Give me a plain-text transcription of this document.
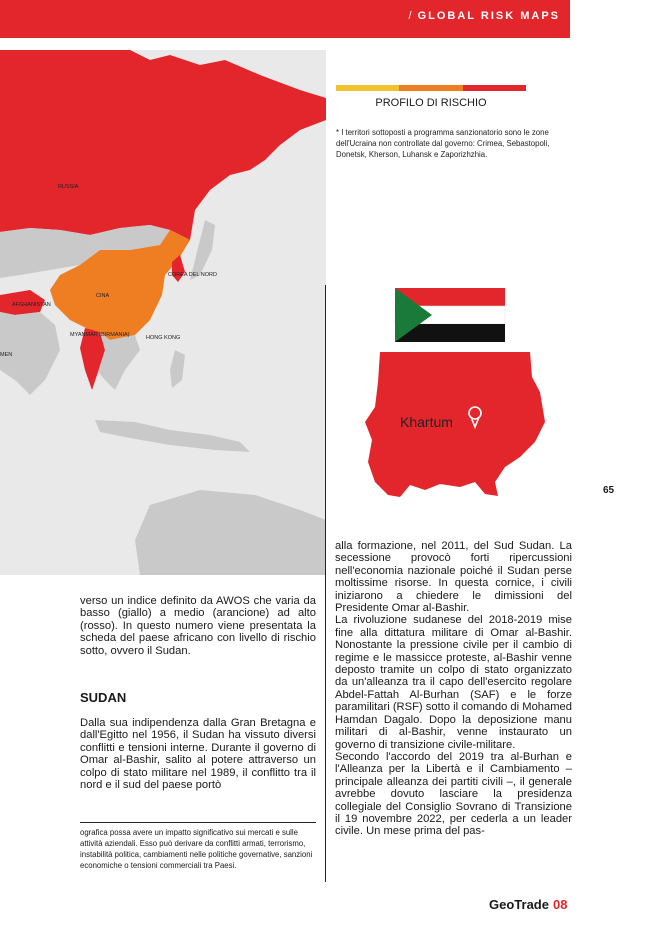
/ GLOBAL RISK MAPS
RUSSIA
COREA DEL NORD
CINA
AFGHANISTAN
MYANMAR (BIRMANIA)	HONG KONG
MEN
PROFILO DI RISCHIO
* I territori sottoposti a programma sanzionatorio sono le zone dell'Ucraina non controllate dal governo: Crimea, Sebastopoli, Donetsk, Kherson, Luhansk e Zaporizhzhia.
Khartum
65
verso un indice definito da AWOS che varia da basso (giallo) a medio (arancione) ad alto (rosso). In questo numero viene presentata la scheda del paese africano con livello di rischio sotto, ovvero il Sudan.
SUDAN
Dalla sua indipendenza dalla Gran Bretagna e dall'Egitto nel 1956, il Sudan ha vissuto diversi conflitti e tensioni interne. Durante il governo di Omar al-Bashir, salito al potere attraverso un colpo di stato militare nel 1989, il conflitto tra il nord e il sud del paese portò
ografica possa avere un impatto significativo sui mercati e sulle attività aziendali. Esso può derivare da conflitti armati, terrorismo, instabilità politica, cambiamenti nelle politiche governative, sanzioni economiche o tensioni commerciali tra Paesi.

alla formazione, nel 2011, del Sud Sudan. La secessione provocò forti ripercussioni nell'economia nazionale poiché il Sudan perse moltissime risorse. In questa cornice, i civili iniziarono a chiedere le dimissioni del Presidente Omar al-Bashir.

La rivoluzione sudanese del 2018-2019 mise fine alla dittatura militare di Omar al-Bashir. Nonostante la pressione civile per il cambio di regime e le massicce proteste, al-Bashir venne deposto tramite un colpo di stato organizzato da un'alleanza tra il capo dell'esercito regolare Abdel-Fattah Al-Burhan (SAF) e le forze paramilitari (RSF) sotto il comando di Mohamed Hamdan Dagalo. Dopo la deposizione manu militari di al-Bashir, venne instaurato un governo di transizione civile-militare.

Secondo l'accordo del 2019 tra al-Burhan e l'Alleanza per la Libertà e il Cambiamento – principale alleanza dei partiti civili –, il generale avrebbe dovuto lasciare la presidenza collegiale del Consiglio Sovrano di Transizione il 19 novembre 2022, per cederla a un leader civile. Un mese prima del pas-

GeoTrade 08
